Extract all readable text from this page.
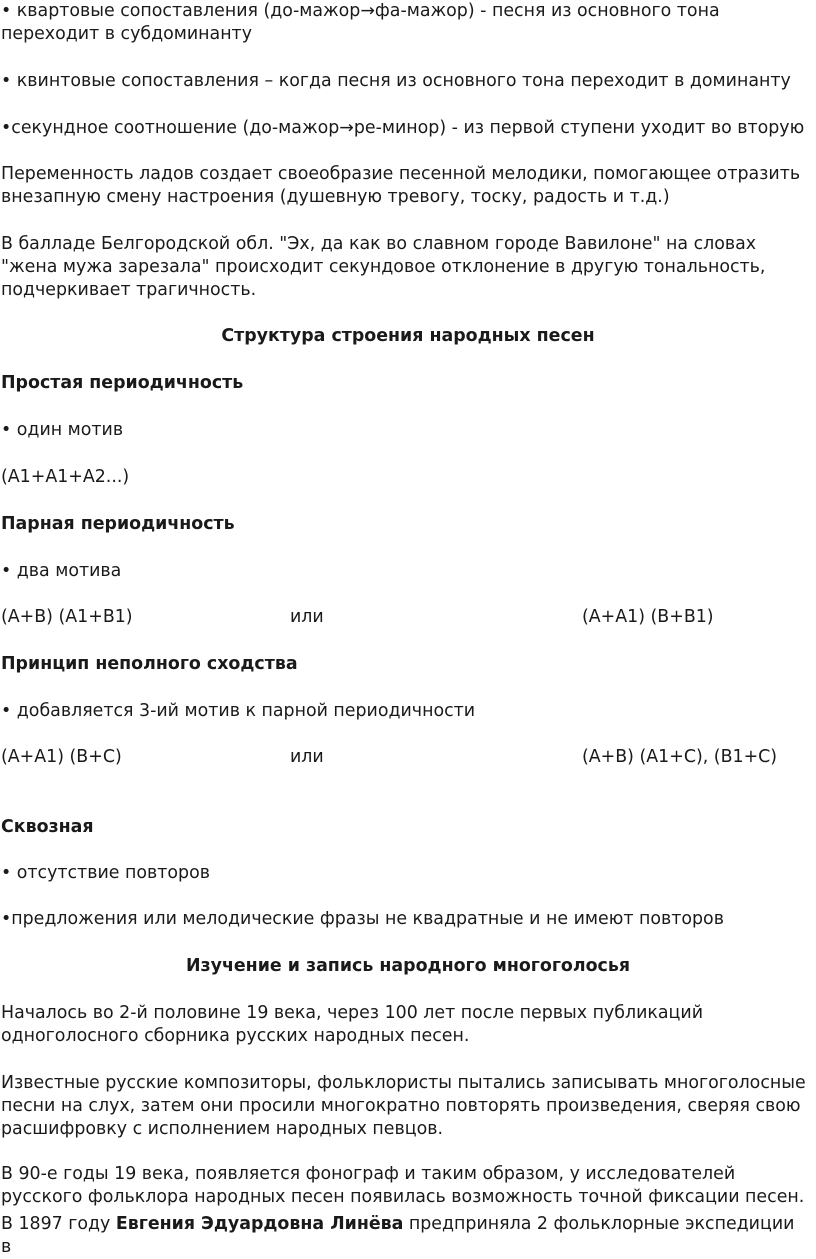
• квартовые сопоставления (до-мажор→фа-мажор) - песня из основного тона переходит в субдоминанту

• квинтовые сопоставления – когда песня из основного тона переходит в доминанту

•секундное соотношение (до-мажор→ре-минор) - из первой ступени уходит во вторую

Переменность ладов создает своеобразие песенной мелодики, помогающее отразить внезапную смену настроения (душевную тревогу, тоску, радость и т.д.)

В балладе Белгородской обл. "Эх, да как во славном городе Вавилоне" на словах "жена мужа зарезала" происходит секундовое отклонение в другую тональность, подчеркивает трагичность.

Структура строения народных песен

Простая периодичность

• один мотив

(А1+А1+А2...)

Парная периодичность

• два мотива

(А+В) (А1+В1)	или	(А+А1) (В+В1)

Принцип неполного сходства

• добавляется 3-ий мотив к парной периодичности

(А+А1) (В+С)	или	(А+В) (А1+С), (В1+С)

Сквозная

• отсутствие повторов

•предложения или мелодические фразы не квадратные и не имеют повторов

Изучение и запись народного многоголосья

Началось во 2-й половине 19 века, через 100 лет после первых публикаций одноголосного сборника русских народных песен.

Известные русские композиторы, фольклористы пытались записывать многоголосные песни на слух, затем они просили многократно повторять произведения, сверяя свою расшифровку с исполнением народных певцов.

В 90-е годы 19 века, появляется фонограф и таким образом, у исследователей русского фольклора народных песен появилась возможность точной фиксации песен.

В 1897 году Евгения Эдуардовна Линёва предприняла 2 фольклорные экспедиции в
